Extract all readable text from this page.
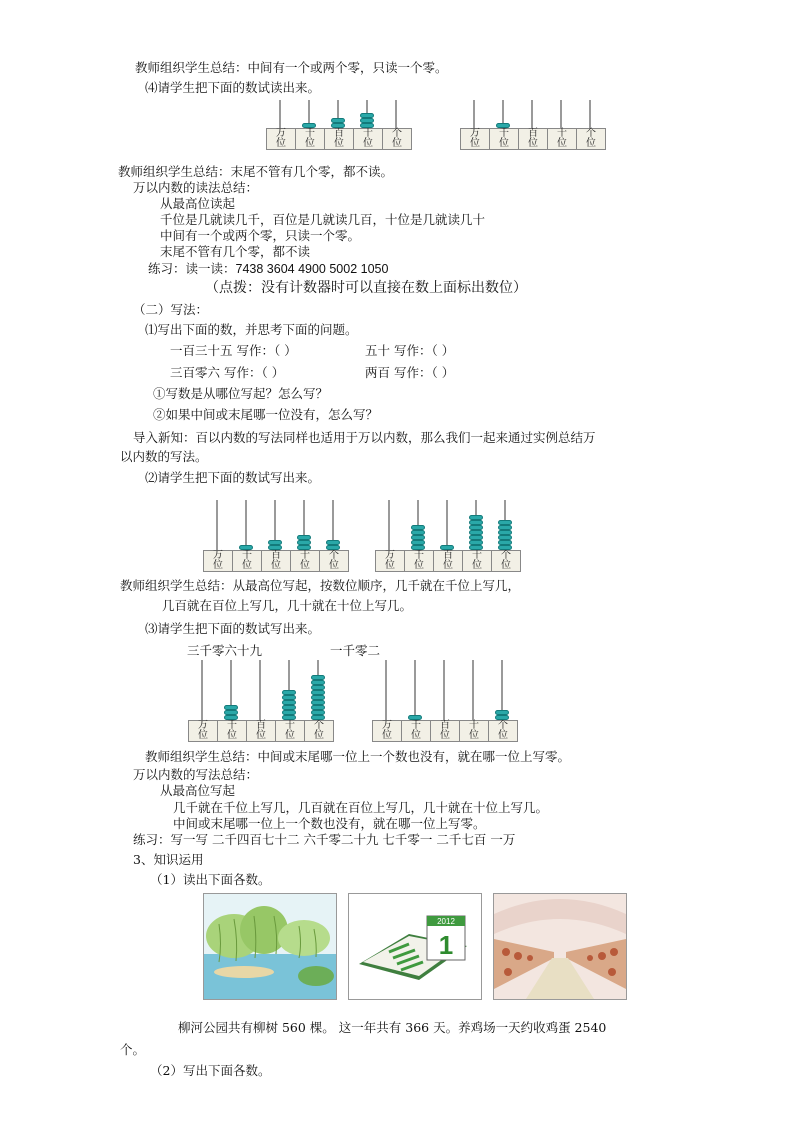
教师组织学生总结：中间有一个或两个零，只读一个零。
⑷请学生把下面的数试读出来。
万
位
千
位
百
位
十
位
个
位
万
位
千
位
百
位
十
位
个
位
教师组织学生总结：末尾不管有几个零，都不读。
万以内数的读法总结：
从最高位读起
千位是几就读几千，百位是几就读几百，十位是几就读几十
中间有一个或两个零，只读一个零。
末尾不管有几个零，都不读
练习：读一读：7438 3604 4900 5002 1050
（点拨：没有计数器时可以直接在数上面标出数位）
（二）写法：
⑴写出下面的数，并思考下面的问题。
一百三十五 写作：（ ）	五十 写作：（ ）
三百零六 写作：（ ）	两百 写作：（ ）
①写数是从哪位写起？怎么写？
②如果中间或末尾哪一位没有，怎么写？
导入新知：百以内数的写法同样也适用于万以内数，那么我们一起来通过实例总结万
以内数的写法。
⑵请学生把下面的数试写出来。
万
位
千
位
百
位
十
位
个
位
万
位
千
位
百
位
十
位
个
位
教师组织学生总结：从最高位写起，按数位顺序，几千就在千位上写几，
几百就在百位上写几，几十就在十位上写几。
⑶请学生把下面的数试写出来。
三千零六十九	一千零二
万
位
千
位
百
位
十
位
个
位
万
位
千
位
百
位
十
位
个
位
教师组织学生总结：中间或末尾哪一位上一个数也没有，就在哪一位上写零。
万以内数的写法总结：
从最高位写起
几千就在千位上写几，几百就在百位上写几，几十就在十位上写几。
中间或末尾哪一位上一个数也没有，就在哪一位上写零。
练习：写一写 二千四百七十二 六千零二十九 七千零一 二千七百 一万
3、知识运用
（1）读出下面各数。
2012
1
柳河公园共有柳树 560 棵。 这一年共有 366 天。养鸡场一天约收鸡蛋 2540
个。
（2）写出下面各数。
